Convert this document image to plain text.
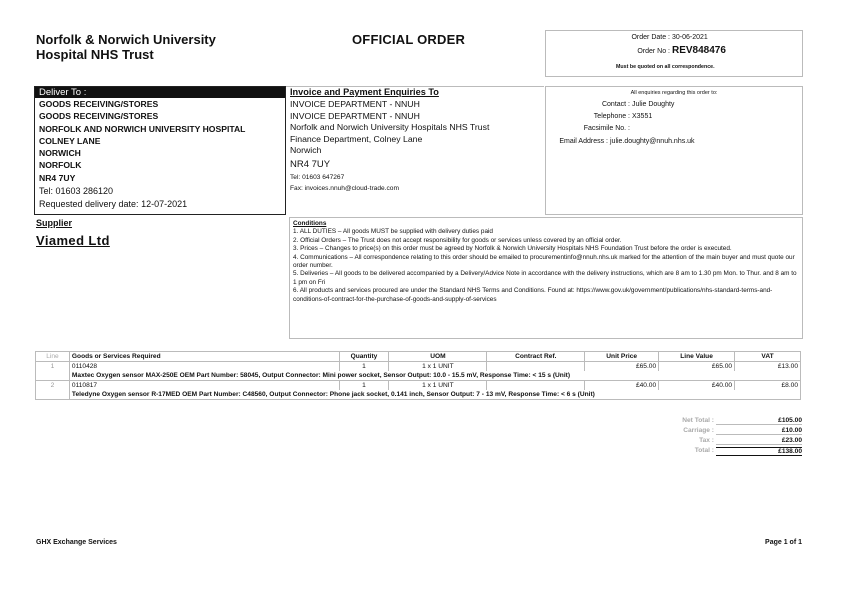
Norfolk & Norwich University
Hospital NHS Trust
OFFICIAL ORDER	Order Date : 30-06-2021
Order No : REV848476
Must be quoted on all correspondence.
Deliver To :
GOODS RECEIVING/STORES
GOODS RECEIVING/STORES
NORFOLK AND NORWICH UNIVERSITY HOSPITAL
COLNEY LANE
NORWICH
NORFOLK
NR4 7UY
Tel: 01603 286120
Requested delivery date: 12-07-2021
Invoice and Payment Enquiries To
INVOICE DEPARTMENT - NNUH
INVOICE DEPARTMENT - NNUH
Norfolk and Norwich University Hospitals NHS Trust
Finance Department, Colney Lane
Norwich
NR4 7UY
Tel: 01603 647267
Fax: invoices.nnuh@cloud-trade.com
All enquiries regarding this order to:
Contact : Julie Doughty
Telephone : X3551
Facsimile No. :
Email Address : julie.doughty@nnuh.nhs.uk
Supplier
Viamed Ltd
Conditions
1. ALL DUTIES – All goods MUST be supplied with delivery duties paid
2. Official Orders – The Trust does not accept responsibility for goods or services unless covered by an official order.
3. Prices – Changes to price(s) on this order must be agreed by Norfolk & Norwich University Hospitals NHS Foundation Trust before the order is executed.
4. Communications – All correspondence relating to this order should be emailed to procurementinfo@nnuh.nhs.uk marked for the attention of the main buyer and must quote our order number.
5. Deliveries – All goods to be delivered accompanied by a Delivery/Advice Note in accordance with the delivery instructions, which are 8 am to 1.30 pm Mon. to Thur. and 8 am to 1 pm on Fri
6. All products and services procured are under the Standard NHS Terms and Conditions. Found at: https://www.gov.uk/government/publications/nhs-standard-terms-and-conditions-of-contract-for-the-purchase-of-goods-and-supply-of-services
Line	Goods or Services Required	Quantity	UOM	Contract Ref.	Unit Price	Line Value	VAT
1	0110428	1	1 x 1 UNIT		£65.00	£65.00	£13.00
	Maxtec Oxygen sensor MAX-250E OEM Part Number: 58045, Output Connector: Mini power socket, Sensor Output: 10.0 - 15.5 mV, Response Time: < 15 s (Unit)						
2	0110817	1	1 x 1 UNIT		£40.00	£40.00	£8.00
	Teledyne Oxygen sensor R-17MED OEM Part Number: C48560, Output Connector: Phone jack socket, 0.141 inch, Sensor Output: 7 - 13 mV, Response Time: < 6 s (Unit)						
Net Total :	£105.00
Carriage :	£10.00
Tax :	£23.00
Total :	£138.00
GHX Exchange Services	Page 1 of 1
